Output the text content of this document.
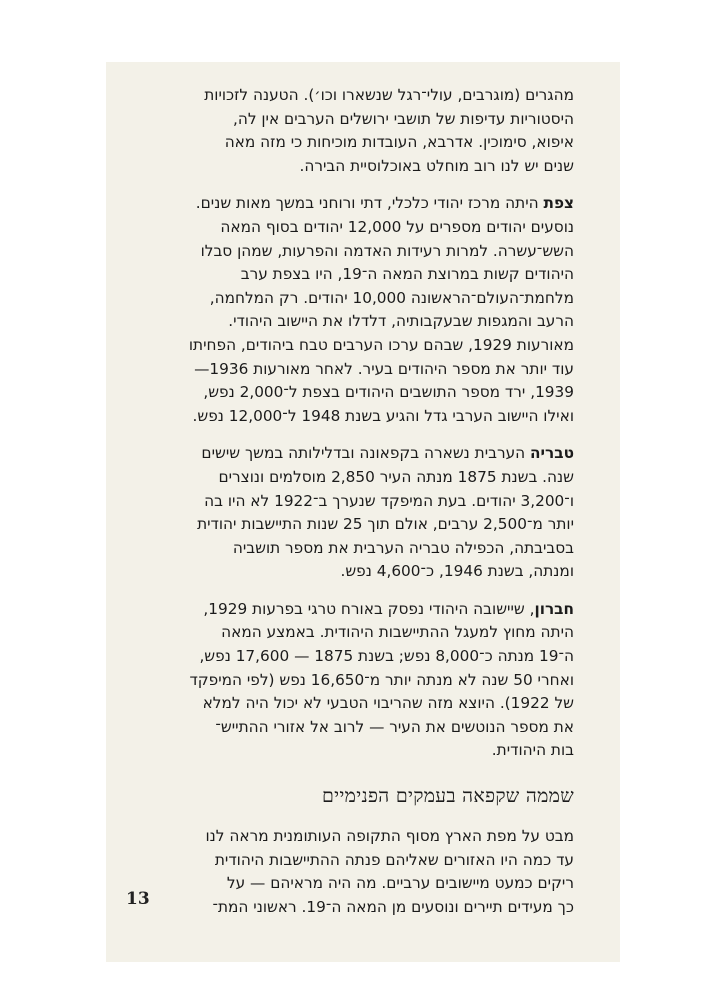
מהגרים (מוגרבים, עולי־רגל שנשארו וכו׳). הטענה לזכויות
היסטוריות עדיפות של תושבי ירושלים הערבים אין לה,
איפוא, סימוכין. אדרבא, העובדות מוכיחות כי מזה מאה
שנים יש לנו רוב מוחלט באוכלוסיית הבירה.
צפת היתה מרכז יהודי כלכלי, דתי ורוחני במשך מאות שנים.
נוסעים יהודים מספרים על 12,000 יהודים בסוף המאה
השש־עשרה. למרות רעידות האדמה והפרעות, שמהן סבלו
היהודים קשות במרוצת המאה ה־19, היו בצפת ערב
מלחמת־העולם־הראשונה 10,000 יהודים. רק המלחמה,
הרעב והמגפות שבעקבותיה, דלדלו את היישוב היהודי.
מאורעות 1929, שבהם ערכו הערבים טבח ביהודים, הפחיתו
עוד יותר את מספר היהודים בעיר. לאחר מאורעות 1936—
1939, ירד מספר התושבים היהודים בצפת ל־2,000 נפש,
ואילו היישוב הערבי גדל והגיע בשנת 1948 ל־12,000 נפש.
טבריה הערבית נשארה בקפאונה ובדלילותה במשך שישים
שנה. בשנת 1875 מנתה העיר 2,850 מוסלמים ונוצרים
ו־3,200 יהודים. בעת המיפקד שנערך ב־1922 לא היו בה
יותר מ־2,500 ערבים, אולם תוך 25 שנות התיישבות יהודית
בסביבתה, הכפילה טבריה הערבית את מספר תושביה
ומנתה, בשנת 1946, כ־4,600 נפש.
חברון, שיישובה היהודי נפסק באורח טרגי בפרעות 1929,
היתה מחוץ למעגל ההתיישבות היהודית. באמצע המאה
ה־19 מנתה כ־8,000 נפש; בשנת 1875 — 17,600 נפש,
ואחרי 50 שנה לא מנתה יותר מ־16,650 נפש (לפי המיפקד
של 1922). היוצא מזה שהריבוי הטבעי לא יכול היה למלא
את מספר הנוטשים את העיר — לרוב אל אזורי ההתייש־
בות היהודית.
שממה שקפאה בעמקים הפנימיים
מבט על מפת הארץ מסוף התקופה העותומנית מראה לנו
עד כמה היו האזורים שאליהם פנתה ההתיישבות היהודית
ריקים כמעט מיישובים ערביים. מה היה מראיהם — על
כך מעידים תיירים ונוסעים מן המאה ה־19. ראשוני המת־
13
